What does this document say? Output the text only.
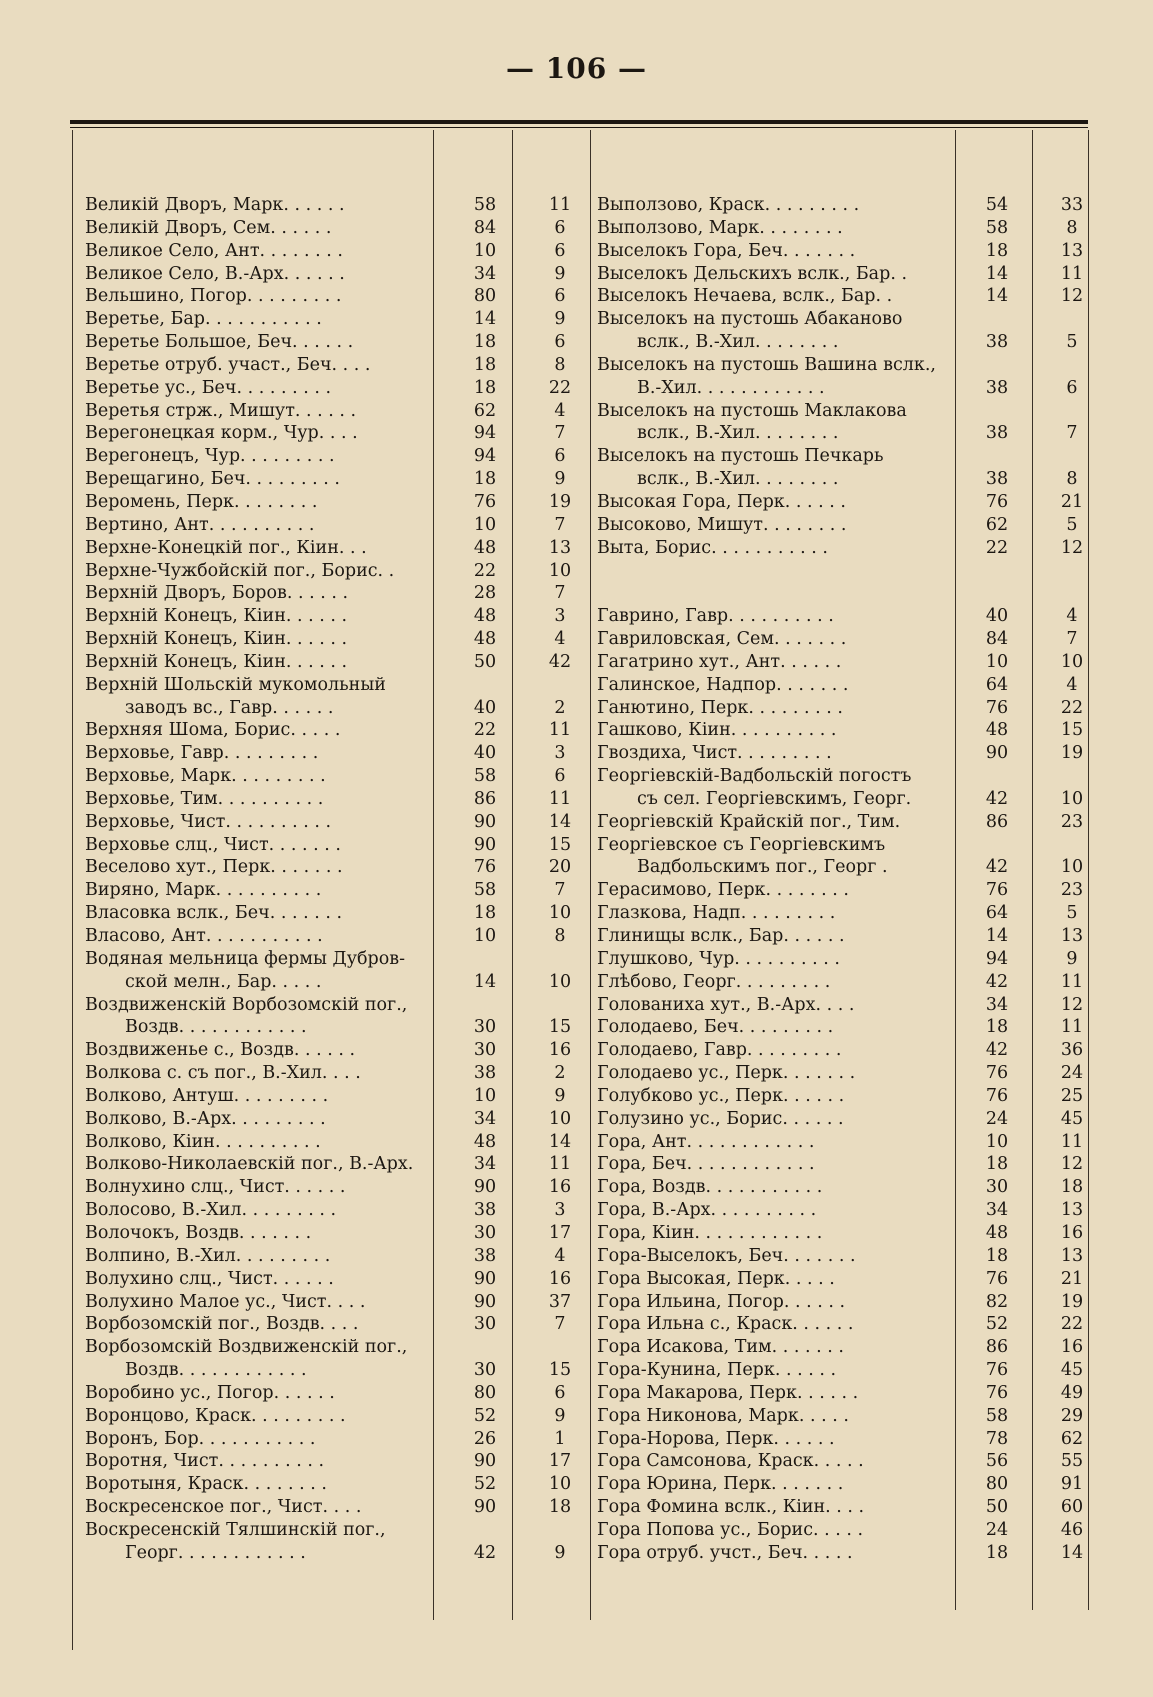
— 106 —
Великій Дворъ, Марк. . . . . .	58	11
Великій Дворъ, Сем. . . . . .	84	6
Великое Село, Ант. . . . . . . .	10	6
Великое Село, В.-Арх. . . . . .	34	9
Вельшино, Погор. . . . . . . . .	80	6
Веретье, Бар. . . . . . . . . . .	14	9
Веретье Большое, Беч. . . . . .	18	6
Веретье отруб. участ., Беч. . . .	18	8
Веретье ус., Беч. . . . . . . . .	18	22
Веретья стрж., Мишут. . . . . .	62	4
Верегонецкая корм., Чур. . . .	94	7
Верегонецъ, Чур. . . . . . . . .	94	6
Верещагино, Беч. . . . . . . . .	18	9
Веромень, Перк. . . . . . . .	76	19
Вертино, Ант. . . . . . . . . .	10	7
Верхне-Конецкій пог., Кiин. . .	48	13
Верхне-Чужбойскій пог., Борис. .	22	10
Верхній Дворъ, Боров. . . . . .	28	7
Верхній Конецъ, Кiин. . . . . .	48	3
Верхній Конецъ, Кiин. . . . . .	48	4
Верхній Конецъ, Кiин. . . . . .	50	42
Верхній Шольскій мукомольный
заводъ вс., Гавр. . . . . .	40	2
Верхняя Шома, Борис. . . . .	22	11
Верховье, Гавр. . . . . . . . .	40	3
Верховье, Марк. . . . . . . . .	58	6
Верховье, Тим. . . . . . . . . .	86	11
Верховье, Чист. . . . . . . . . .	90	14
Верховье слц., Чист. . . . . . .	90	15
Веселово хут., Перк. . . . . . .	76	20
Виряно, Марк. . . . . . . . . .	58	7
Власовка вслк., Беч. . . . . . .	18	10
Власово, Ант. . . . . . . . . . .	10	8
Водяная мельница фермы Дубров-
ской мелн., Бар. . . . .	14	10
Воздвиженскій Ворбозомскій пог.,
Воздв. . . . . . . . . . . .	30	15
Воздвиженье с., Воздв. . . . . .	30	16
Волкова с. съ пог., В.-Хил. . . .	38	2
Волково, Антуш. . . . . . . . .	10	9
Волково, В.-Арх. . . . . . . . .	34	10
Волково, Кiин. . . . . . . . . .	48	14
Волково-Николаевскій пог., В.-Арх.	34	11
Волнухино слц., Чист. . . . . .	90	16
Волосово, В.-Хил. . . . . . . . .	38	3
Волочокъ, Воздв. . . . . . .	30	17
Волпино, В.-Хил. . . . . . . . .	38	4
Волухино слц., Чист. . . . . .	90	16
Волухино Малое ус., Чист. . . .	90	37
Ворбозомскій пог., Воздв. . . .	30	7
Ворбозомскій Воздвиженскій пог.,
Воздв. . . . . . . . . . . .	30	15
Воробино ус., Погор. . . . . .	80	6
Воронцово, Краск. . . . . . . . .	52	9
Воронъ, Бор. . . . . . . . . . .	26	1
Воротня, Чист. . . . . . . . . .	90	17
Воротыня, Краск. . . . . . . .	52	10
Воскресенское пог., Чист. . . .	90	18
Воскресенскій Тялшинскій пог.,
Георг. . . . . . . . . . . .	42	9
Выползово, Краск. . . . . . . . .	54	33
Выползово, Марк. . . . . . . .	58	8
Выселокъ Гора, Беч. . . . . . .	18	13
Выселокъ Дельскихъ вслк., Бар. .	14	11
Выселокъ Нечаева, вслк., Бар. .	14	12
Выселокъ на пустошь Абаканово
вслк., В.-Хил. . . . . . . .	38	5
Выселокъ на пустошь Вашина вслк.,
В.-Хил. . . . . . . . . . . .	38	6
Выселокъ на пустошь Маклакова
вслк., В.-Хил. . . . . . . .	38	7
Выселокъ на пустошь Печкарь
вслк., В.-Хил. . . . . . . .	38	8
Высокая Гора, Перк. . . . . .	76	21
Высоково, Мишут. . . . . . . .	62	5
Выта, Борис. . . . . . . . . . .	22	12
Гаврино, Гавр. . . . . . . . . .	40	4
Гавриловская, Сем. . . . . . .	84	7
Гагатрино хут., Ант. . . . . .	10	10
Галинское, Надпор. . . . . . .	64	4
Ганютино, Перк. . . . . . . . .	76	22
Гашково, Кiин. . . . . . . . . .	48	15
Гвоздиха, Чист. . . . . . . . .	90	19
Георгіевскій-Вадбольскій погостъ
съ сел. Георгіевскимъ, Георг.	42	10
Георгіевскій Крайскій пог., Тим.	86	23
Георгіевское съ Георгіевскимъ
Вадбольскимъ пог., Георг .	42	10
Герасимово, Перк. . . . . . . .	76	23
Глазкова, Надп. . . . . . . . .	64	5
Глинищы вслк., Бар. . . . . .	14	13
Глушково, Чур. . . . . . . . . .	94	9
Глѣбово, Георг. . . . . . . . .	42	11
Голованиха хут., В.-Арх. . . .	34	12
Голодаево, Беч. . . . . . . . .	18	11
Голодаево, Гавр. . . . . . . . .	42	36
Голодаево ус., Перк. . . . . . .	76	24
Голубково ус., Перк. . . . . .	76	25
Голузино ус., Борис. . . . . .	24	45
Гора, Ант. . . . . . . . . . . .	10	11
Гора, Беч. . . . . . . . . . . .	18	12
Гора, Воздв. . . . . . . . . . .	30	18
Гора, В.-Арх. . . . . . . . . .	34	13
Гора, Кiин. . . . . . . . . . . .	48	16
Гора-Выселокъ, Беч. . . . . . .	18	13
Гора Высокая, Перк. . . . .	76	21
Гора Ильина, Погор. . . . . .	82	19
Гора Ильна с., Краск. . . . . .	52	22
Гора Исакова, Тим. . . . . . .	86	16
Гора-Кунина, Перк. . . . . .	76	45
Гора Макарова, Перк. . . . . .	76	49
Гора Никонова, Марк. . . . .	58	29
Гора-Норова, Перк. . . . . .	78	62
Гора Самсонова, Краск. . . . .	56	55
Гора Юрина, Перк. . . . . . .	80	91
Гора Фомина вслк., Кiин. . . .	50	60
Гора Попова ус., Борис. . . . .	24	46
Гора отруб. учст., Беч. . . . .	18	14
